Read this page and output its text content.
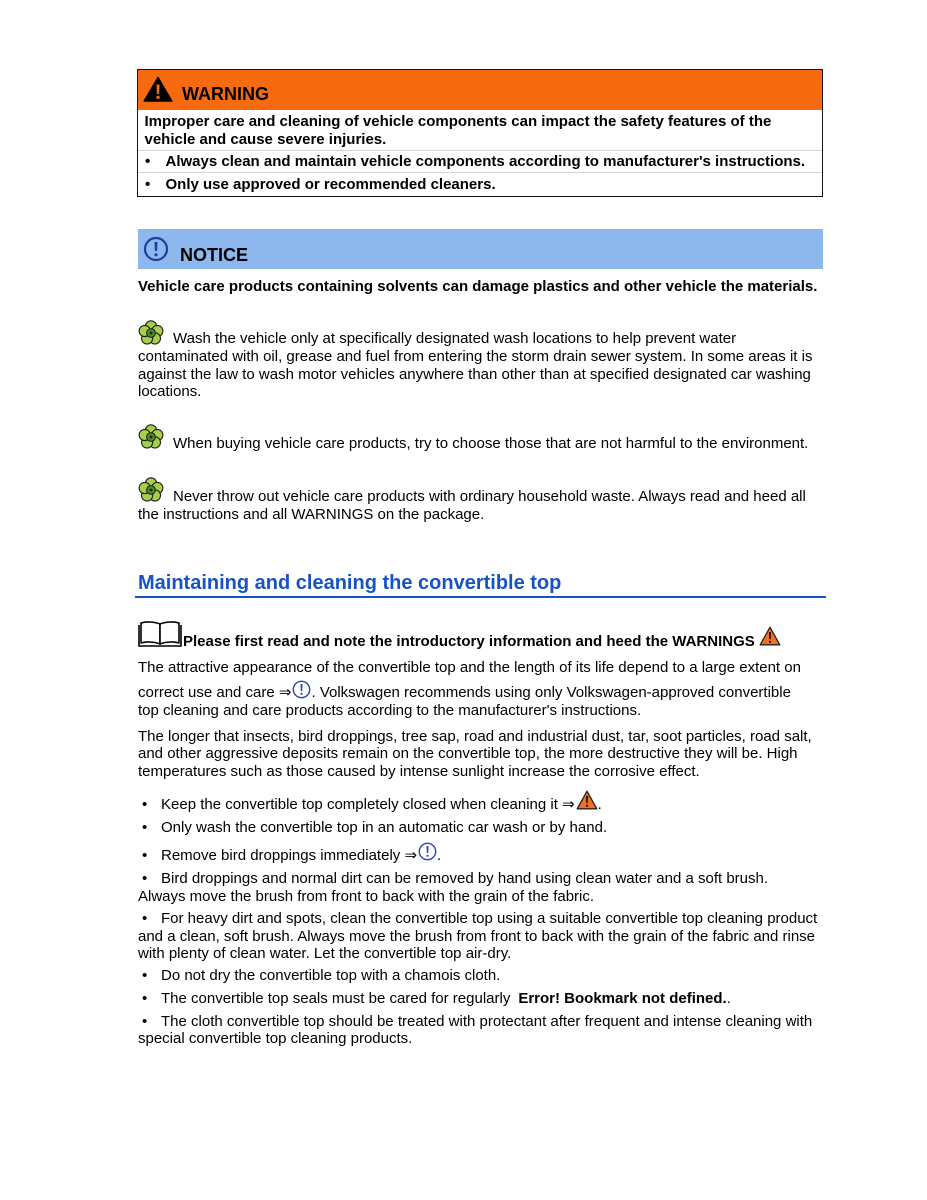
WARNING
Improper care and cleaning of vehicle components can impact the safety features of the
vehicle and cause severe injuries.
• Always clean and maintain vehicle components according to manufacturer's instructions.
• Only use approved or recommended cleaners.
NOTICE
Vehicle care products containing solvents can damage plastics and other vehicle the materials.
Wash the vehicle only at specifically designated wash locations to help prevent water
contaminated with oil, grease and fuel from entering the storm drain sewer system. In some areas it is
against the law to wash motor vehicles anywhere than other than at specified designated car washing
locations.
When buying vehicle care products, try to choose those that are not harmful to the environment.
Never throw out vehicle care products with ordinary household waste. Always read and heed all
the instructions and all WARNINGS on the package.
Maintaining and cleaning the convertible top
Please first read and note the introductory information and heed the WARNINGS
The attractive appearance of the convertible top and the length of its life depend to a large extent on
correct use and care ⇒ . Volkswagen recommends using only Volkswagen-approved convertible
top cleaning and care products according to the manufacturer's instructions.
The longer that insects, bird droppings, tree sap, road and industrial dust, tar, soot particles, road salt,
and other aggressive deposits remain on the convertible top, the more destructive they will be. High
temperatures such as those caused by intense sunlight increase the corrosive effect.
• Keep the convertible top completely closed when cleaning it ⇒ .
• Only wash the convertible top in an automatic car wash or by hand.
• Remove bird droppings immediately ⇒ .
• Bird droppings and normal dirt can be removed by hand using clean water and a soft brush.
Always move the brush from front to back with the grain of the fabric.
• For heavy dirt and spots, clean the convertible top using a suitable convertible top cleaning product
and a clean, soft brush. Always move the brush from front to back with the grain of the fabric and rinse
with plenty of clean water. Let the convertible top air-dry.
• Do not dry the convertible top with a chamois cloth.
• The convertible top seals must be cared for regularly Error! Bookmark not defined..
• The cloth convertible top should be treated with protectant after frequent and intense cleaning with
special convertible top cleaning products.
